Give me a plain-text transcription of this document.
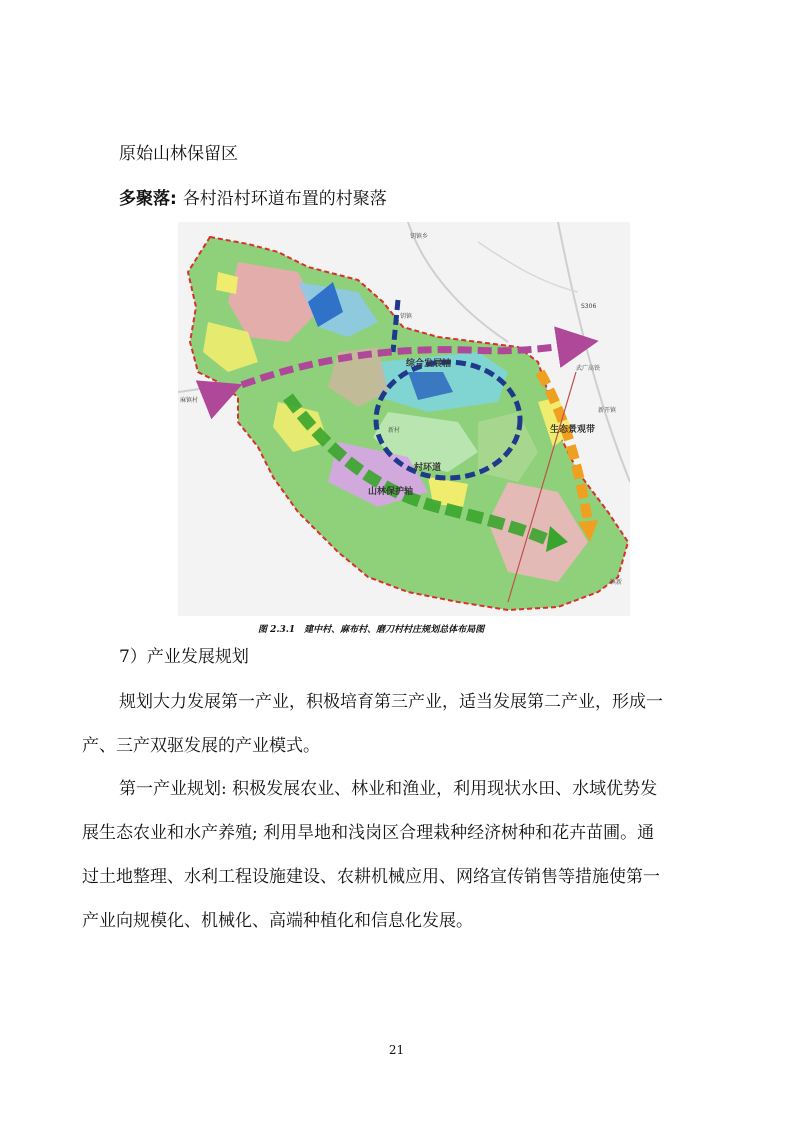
原始山林保留区
多聚落: 各村沿村环道布置的村聚落
钥镇乡
钥镇
麻镇村
武广高铁
新开镇
S306
镇新
新村
综合发展轴
村环道
山林保护轴
生态景观带
图 2.3.1　建中村、麻布村、磨刀村村庄规划总体布局图
7）产业发展规划
规划大力发展第一产业，积极培育第三产业，适当发展第二产业，形成一
产、三产双驱发展的产业模式。
第一产业规划: 积极发展农业、林业和渔业，利用现状水田、水域优势发
展生态农业和水产养殖; 利用旱地和浅岗区合理栽种经济树种和花卉苗圃。通
过土地整理、水利工程设施建设、农耕机械应用、网络宣传销售等措施使第一
产业向规模化、机械化、高端种植化和信息化发展。
21
